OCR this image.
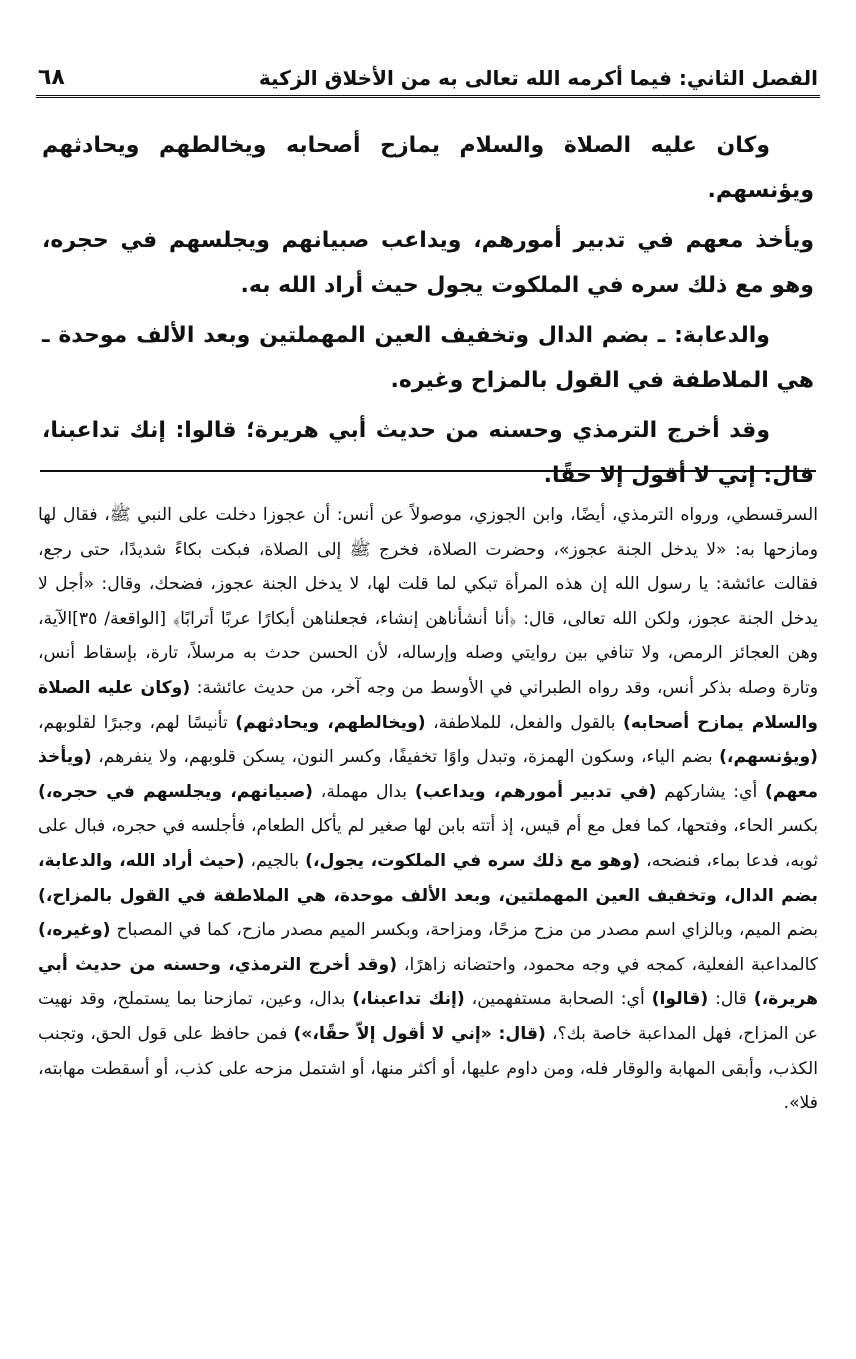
الفصل الثاني: فيما أكرمه الله تعالى به من الأخلاق الزكية
٦٨

وكان عليه الصلاة والسلام يمازح أصحابه ويخالطهم ويحادثهم ويؤنسهم.

ويأخذ معهم في تدبير أمورهم، ويداعب صبيانهم ويجلسهم في حجره، وهو مع ذلك سره في الملكوت يجول حيث أراد الله به.

والدعابة: ـ بضم الدال وتخفيف العين المهملتين وبعد الألف موحدة ـ هي الملاطفة في القول بالمزاح وغيره.

وقد أخرج الترمذي وحسنه من حديث أبي هريرة؛ قالوا: إنك تداعبنا، قال: إني لا أقول إلا حقًا.

السرقسطي، ورواه الترمذي، أيضًا، وابن الجوزي، موصولاً عن أنس: أن عجوزا دخلت على النبي ﷺ، فقال لها ومازحها به: «لا يدخل الجنة عجوز»، وحضرت الصلاة، فخرج ﷺ إلى الصلاة، فبكت بكاءً شديدًا، حتى رجع، فقالت عائشة: يا رسول الله إن هذه المرأة تبكي لما قلت لها، لا يدخل الجنة عجوز، فضحك، وقال: «أجل لا يدخل الجنة عجوز، ولكن الله تعالى، قال: ﴿أنا أنشأناهن إنشاء، فجعلناهن أبكارًا عربًا أترابًا﴾ [الواقعة/ ٣٥]الآية، وهن العجائز الرمص، ولا تنافي بين روايتي وصله وإرساله، لأن الحسن حدث به مرسلاً، تارة، بإسقاط أنس، وتارة وصله بذكر أنس، وقد رواه الطبراني في الأوسط من وجه آخر، من حديث عائشة: (وكان عليه الصلاة والسلام يمازح أصحابه) بالقول والفعل، للملاطفة، (ويخالطهم، ويحادثهم) تأنيسًا لهم، وجبرًا لقلوبهم، (ويؤنسهم،) بضم الياء، وسكون الهمزة، وتبدل واوًا تخفيفًا، وكسر النون، يسكن قلوبهم، ولا ينفرهم، (ويأخذ معهم) أي: يشاركهم (في تدبير أمورهم، ويداعب) بدال مهملة، (صبيانهم، ويجلسهم في حجره،) بكسر الحاء، وفتحها، كما فعل مع أم قيس، إذ أتته بابن لها صغير لم يأكل الطعام، فأجلسه في حجره، فبال على ثوبه، فدعا بماء، فنضحه، (وهو مع ذلك سره في الملكوت، يجول،) بالجيم، (حيث أراد الله، والدعابة، بضم الدال، وتخفيف العين المهملتين، وبعد الألف موحدة، هي الملاطفة في القول بالمزاح،) بضم الميم، وبالزاي اسم مصدر من مزح مزحًا، ومزاحة، وبكسر الميم مصدر مازح، كما في المصباح (وغيره،) كالمداعبة الفعلية، كمجه في وجه محمود، واحتضانه زاهرًا، (وقد أخرج الترمذي، وحسنه من حديث أبي هريرة،) قال: (قالوا) أي: الصحابة مستفهمين، (إنك تداعبنا،) بدال، وعين، تمازحنا بما يستملح، وقد نهيت عن المزاح، فهل المداعبة خاصة بك؟، (قال: «إني لا أقول إلاّ حقًا،») فمن حافظ على قول الحق، وتجنب الكذب، وأبقى المهابة والوقار فله، ومن داوم عليها، أو أكثر منها، أو اشتمل مزحه على كذب، أو أسقطت مهابته، فلا».
